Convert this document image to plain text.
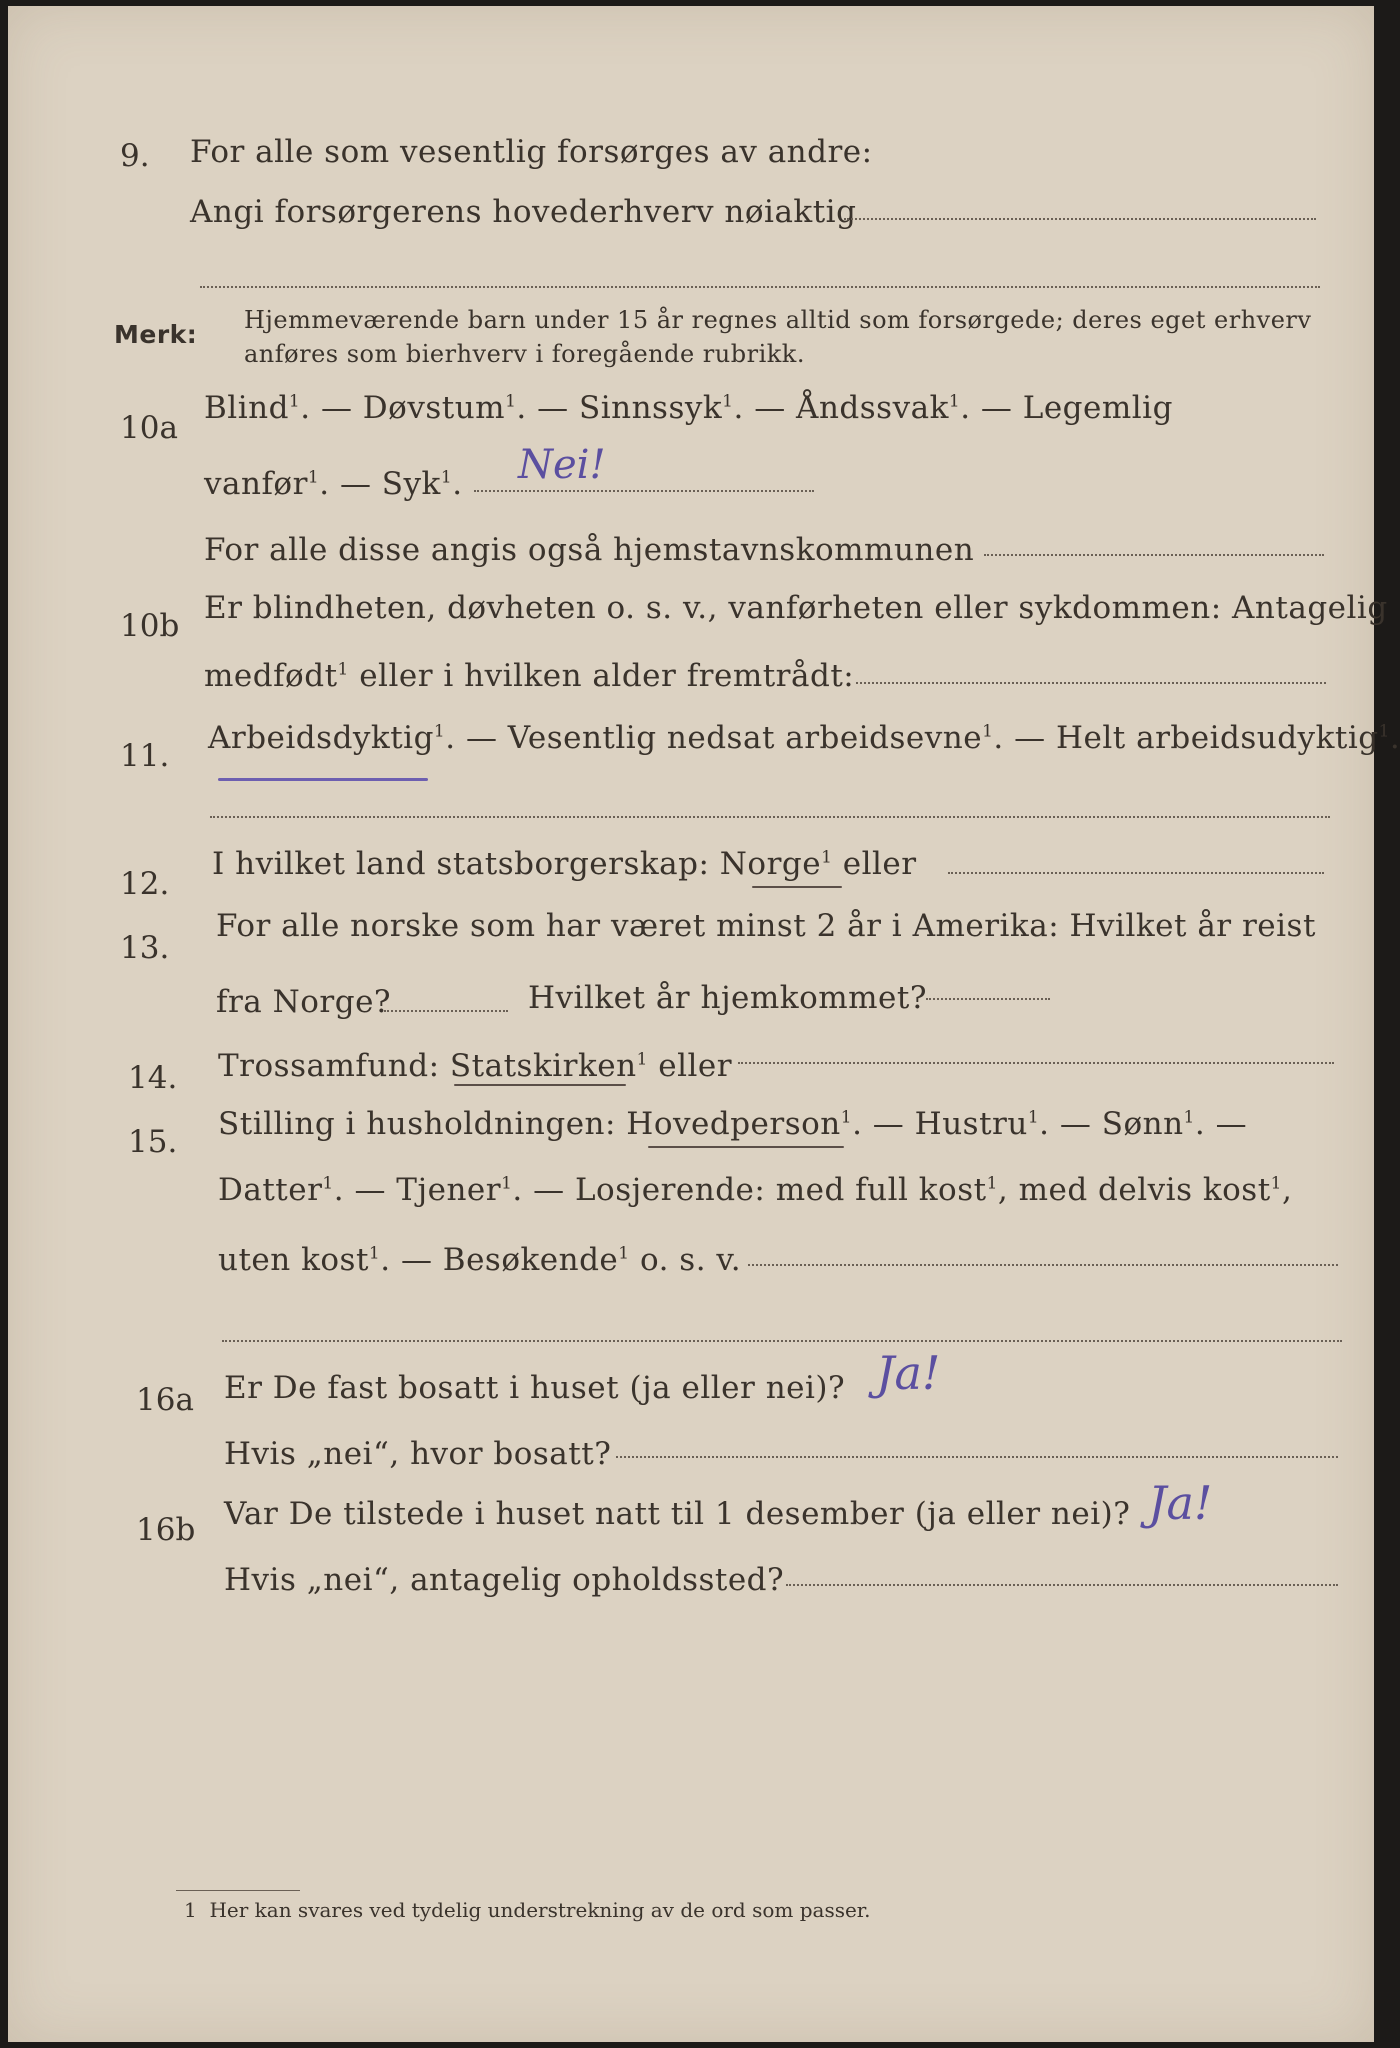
9. For alle som vesentlig forsørges av andre:
Angi forsørgerens hovederhverv nøiaktig
Merk: Hjemmeværende barn under 15 år regnes alltid som forsørgede; deres eget erhverv
anføres som bierhverv i foregående rubrikk.
10a
Blind$^1$. — Døvstum$^1$. — Sinnssyk$^1$. — Åndssvak$^1$. — Legemlig
vanfør$^1$. — Syk$^1$. Nei!
For alle disse angis også hjemstavnskommunen
10b Er blindheten, døvheten o. s. v., vanførheten eller sykdommen: Antagelig
medfødt$^1$ eller i hvilken alder fremtrådt:
11. Arbeidsdyktig$^1$. — Vesentlig nedsat arbeidsevne$^1$. — Helt arbeidsudyktig$^1$.
12.
I hvilket land statsborgerskap: Norge$^1$ eller
13.
For alle norske som har været minst 2 år i Amerika: Hvilket år reist
fra Norge?	Hvilket år hjemkommet?
14. Trossamfund: Statskirken$^1$ eller
15. Stilling i husholdningen: Hovedperson$^1$. — Hustru$^1$. — Sønn$^1$. —
Datter$^1$. — Tjener$^1$. — Losjerende: med full kost$^1$, med delvis kost$^1$,
uten kost$^1$. — Besøkende$^1$ o. s. v.
16a Er De fast bosatt i huset (ja eller nei)? Ja!
Hvis „nei“, hvor bosatt?
16b Var De tilstede i huset natt til 1 desember (ja eller nei)? Ja!
Hvis „nei“, antagelig opholdssted?
1 Her kan svares ved tydelig understrekning av de ord som passer.
